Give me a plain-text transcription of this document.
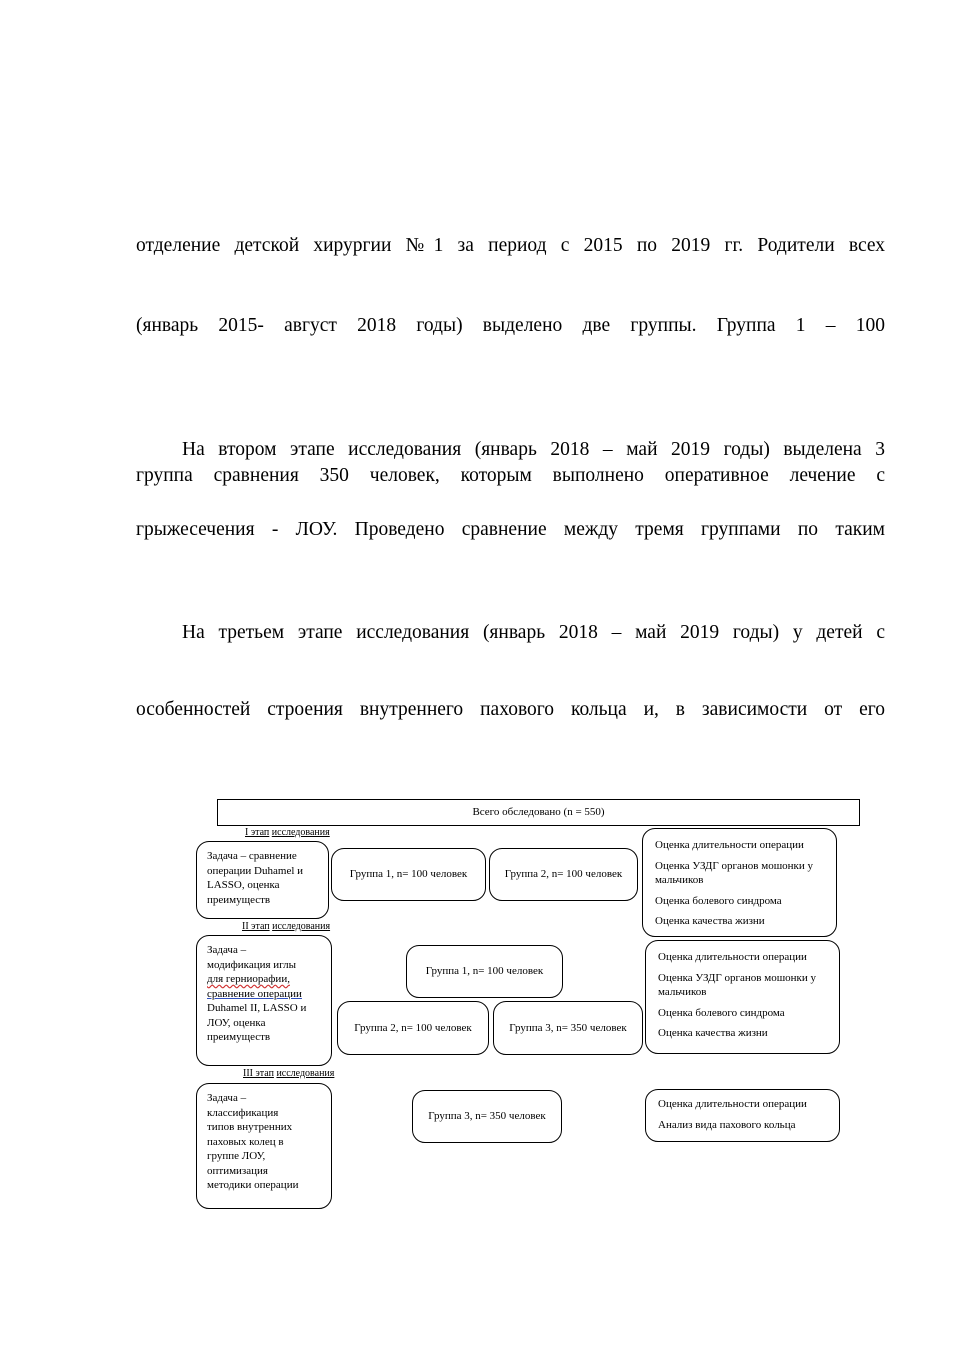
отделение детской хирургии №1 за период с 2015 по 2019 гг. Родители всех
(январь 2015- август 2018 годы) выделено две группы. Группа 1 – 100
На втором этапе исследования (январь 2018 – май 2019 годы) выделена 3
группа сравнения 350 человек, которым выполнено оперативное лечение с
грыжесечения - ЛОУ. Проведено сравнение между тремя группами по таким
На третьем этапе исследования (январь 2018 – май 2019 годы) у детей с
особенностей строения внутреннего пахового кольца и, в зависимости от его
Всего обследовано (n = 550)
I этап исследования
Задача – сравнение
операции Duhamel и
LASSO, оценка
преимуществ
Группа 1, n= 100 человек	Группа 2, n= 100 человек
Оценка длительности операции
Оценка УЗДГ органов мошонки у мальчиков
Оценка болевого синдрома
Оценка качества жизни
II этап исследования
Задача –
модификация иглы
для герниорафии,
сравнение операции
Duhamel II, LASSO и
ЛОУ, оценка
преимуществ
Группа 1, n= 100 человек
Группа 2, n= 100 человек	Группа 3, n= 350 человек
Оценка длительности операции
Оценка УЗДГ органов мошонки у мальчиков
Оценка болевого синдрома
Оценка качества жизни
III этап исследования
Задача –
классификация
типов внутренних
паховых колец в
группе ЛОУ,
оптимизация
методики операции
Группа 3, n= 350 человек
Оценка длительности операции
Анализ вида пахового кольца
